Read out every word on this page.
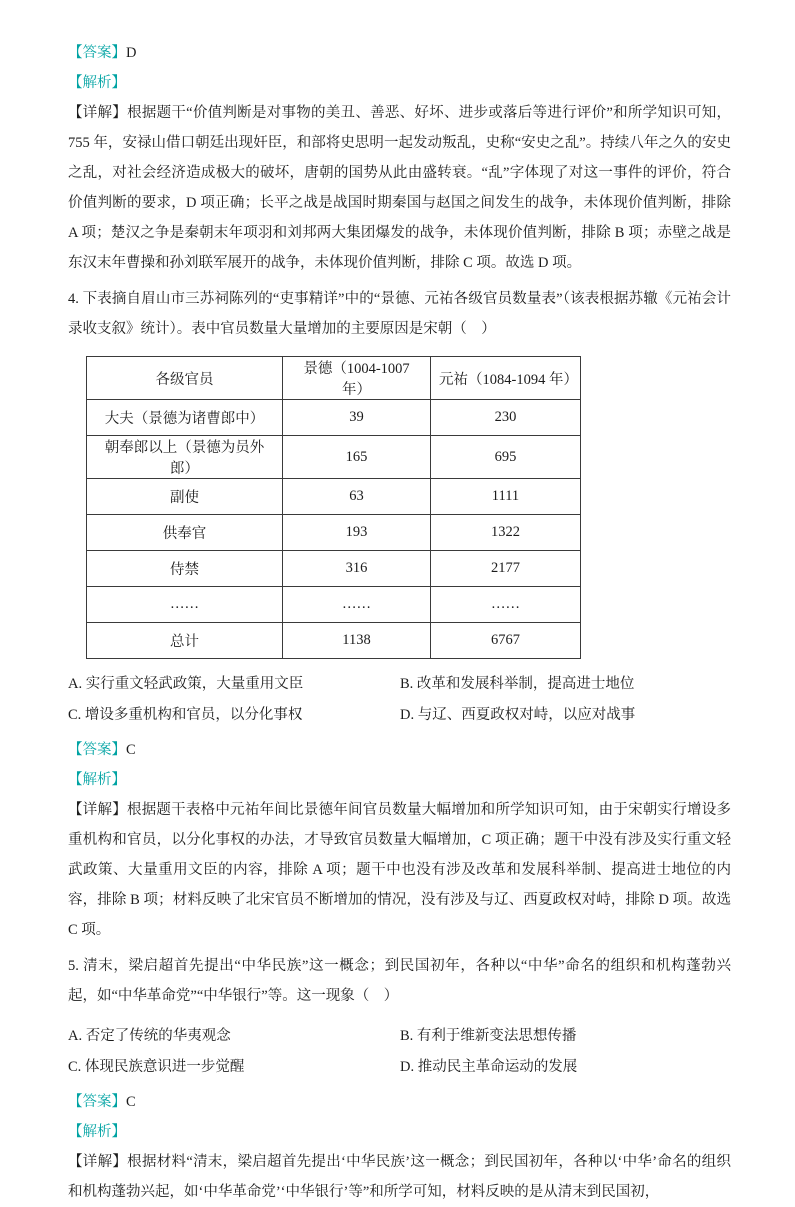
【答案】D
【解析】
【详解】根据题干“价值判断是对事物的美丑、善恶、好坏、进步或落后等进行评价”和所学知识可知，755 年，安禄山借口朝廷出现奸臣，和部将史思明一起发动叛乱，史称“安史之乱”。持续八年之久的安史之乱，对社会经济造成极大的破坏，唐朝的国势从此由盛转衰。“乱”字体现了对这一事件的评价，符合价值判断的要求，D 项正确；长平之战是战国时期秦国与赵国之间发生的战争，未体现价值判断，排除 A 项；楚汉之争是秦朝末年项羽和刘邦两大集团爆发的战争，未体现价值判断，排除 B 项；赤壁之战是东汉末年曹操和孙刘联军展开的战争，未体现价值判断，排除 C 项。故选 D 项。
4. 下表摘自眉山市三苏祠陈列的“吏事精详”中的“景德、元祐各级官员数量表”（该表根据苏辙《元祐会计录收支叙》统计）。表中官员数量大量增加的主要原因是宋朝（　）
各级官员	景德（1004-1007 年）	元祐（1084-1094 年）
大夫（景德为诸曹郎中）	39	230
朝奉郎以上（景德为员外郎）	165	695
副使	63	1111
供奉官	193	1322
侍禁	316	2177
……	……	……
总计	1138	6767
A. 实行重文轻武政策，大量重用文臣	B. 改革和发展科举制，提高进士地位
C. 增设多重机构和官员，以分化事权	D. 与辽、西夏政权对峙，以应对战事
【答案】C
【解析】
【详解】根据题干表格中元祐年间比景德年间官员数量大幅增加和所学知识可知，由于宋朝实行增设多重机构和官员，以分化事权的办法，才导致官员数量大幅增加，C 项正确；题干中没有涉及实行重文轻武政策、大量重用文臣的内容，排除 A 项；题干中也没有涉及改革和发展科举制、提高进士地位的内容，排除 B 项；材料反映了北宋官员不断增加的情况，没有涉及与辽、西夏政权对峙，排除 D 项。故选 C 项。
5. 清末，梁启超首先提出“中华民族”这一概念；到民国初年，各种以“中华”命名的组织和机构蓬勃兴起，如“中华革命党”“中华银行”等。这一现象（　）
A. 否定了传统的华夷观念	B. 有利于维新变法思想传播
C. 体现民族意识进一步觉醒	D. 推动民主革命运动的发展
【答案】C
【解析】
【详解】根据材料“清末，梁启超首先提出‘中华民族’这一概念；到民国初年，各种以‘中华’命名的组织和机构蓬勃兴起，如‘中华革命党’‘中华银行’等”和所学可知，材料反映的是从清末到民国初，
